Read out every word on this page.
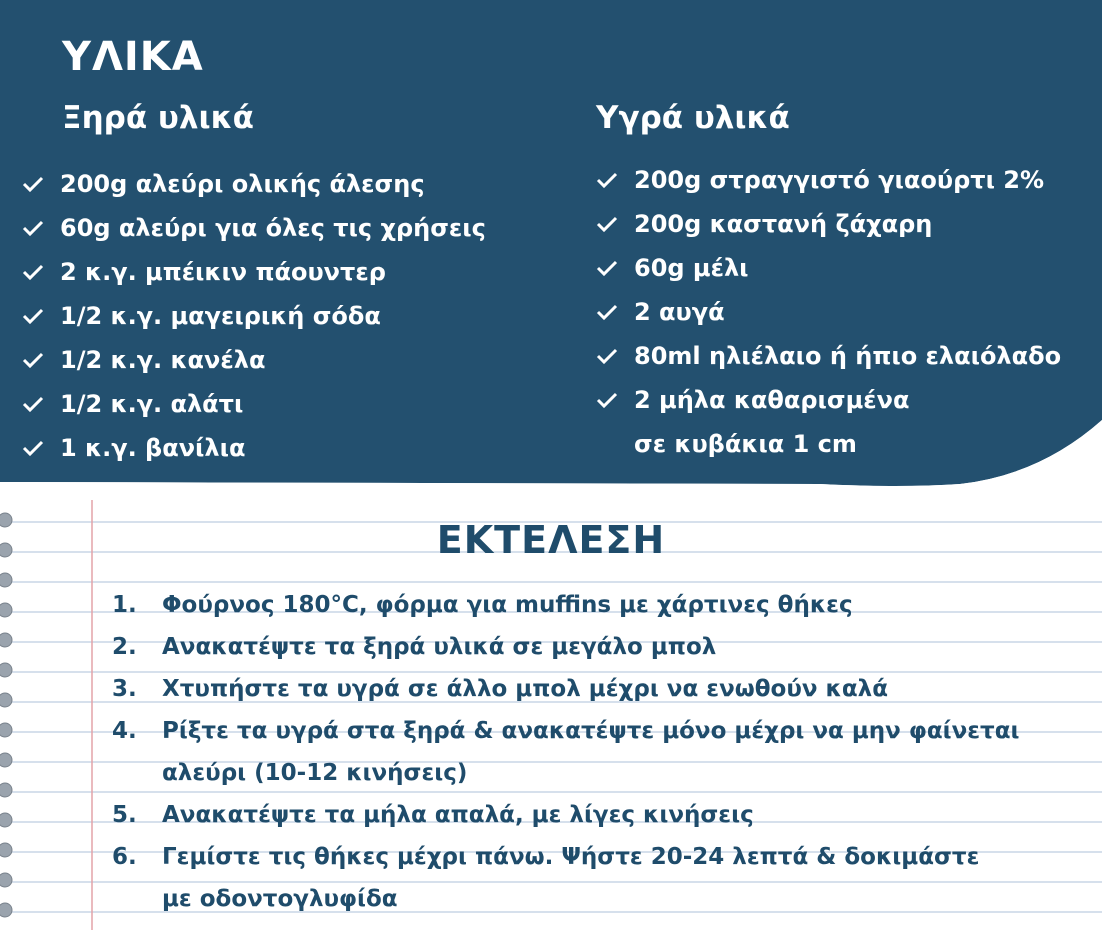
ΥΛΙΚΑ
Ξηρά υλικά	Υγρά υλικά
200g αλεύρι ολικής άλεσης
60g αλεύρι για όλες τις χρήσεις
2 κ.γ. μπέικιν πάουντερ
1/2 κ.γ. μαγειρική σόδα
1/2 κ.γ. κανέλα
1/2 κ.γ. αλάτι
1 κ.γ. βανίλια
200g στραγγιστό γιαούρτι 2%
200g καστανή ζάχαρη
60g μέλι
2 αυγά
80ml ηλιέλαιο ή ήπιο ελαιόλαδο
2 μήλα καθαρισμένα
σε κυβάκια 1 cm
ΕΚΤΕΛΕΣΗ
1. Φούρνος 180°C, φόρμα για muffins με χάρτινες θήκες
2. Ανακατέψτε τα ξηρά υλικά σε μεγάλο μπολ
3. Χτυπήστε τα υγρά σε άλλο μπολ μέχρι να ενωθούν καλά
4. Ρίξτε τα υγρά στα ξηρά & ανακατέψτε μόνο μέχρι να μην φαίνεται
αλεύρι (10-12 κινήσεις)
5. Ανακατέψτε τα μήλα απαλά, με λίγες κινήσεις
6. Γεμίστε τις θήκες μέχρι πάνω. Ψήστε 20-24 λεπτά & δοκιμάστε
με οδοντογλυφίδα
